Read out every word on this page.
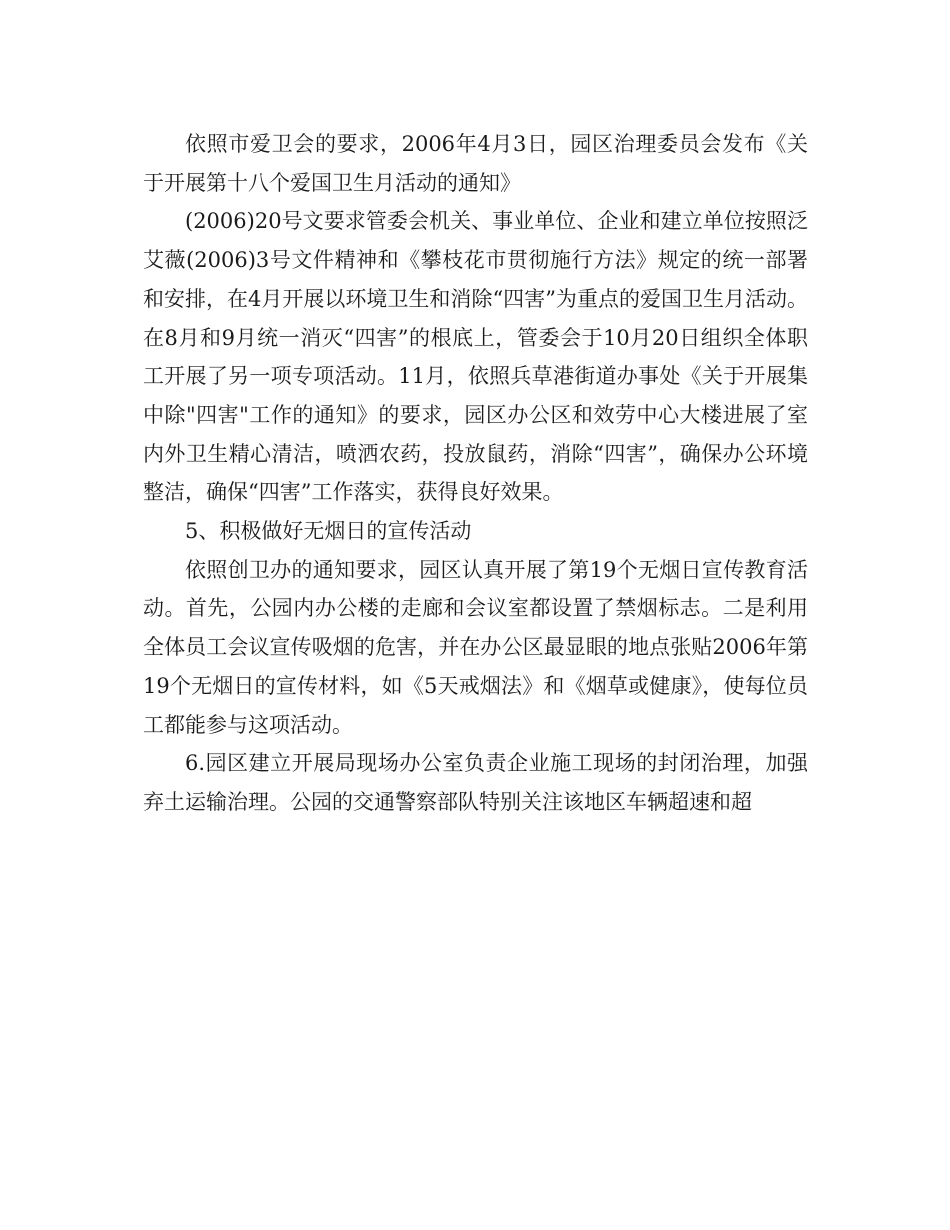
依照市爱卫会的要求，2006年4月3日，园区治理委员会发布《关于开展第十八个爱国卫生月活动的通知》

(2006)20号文要求管委会机关、事业单位、企业和建立单位按照泛艾薇(2006)3号文件精神和《攀枝花市贯彻施行方法》规定的统一部署和安排，在4月开展以环境卫生和消除“四害”为重点的爱国卫生月活动。在8月和9月统一消灭“四害”的根底上，管委会于10月20日组织全体职工开展了另一项专项活动。11月，依照兵草港街道办事处《关于开展集中除"四害"工作的通知》的要求，园区办公区和效劳中心大楼进展了室内外卫生精心清洁，喷洒农药，投放鼠药，消除“四害”，确保办公环境整洁，确保“四害”工作落实，获得良好效果。

5、积极做好无烟日的宣传活动

依照创卫办的通知要求，园区认真开展了第19个无烟日宣传教育活动。首先，公园内办公楼的走廊和会议室都设置了禁烟标志。二是利用全体员工会议宣传吸烟的危害，并在办公区最显眼的地点张贴2006年第19个无烟日的宣传材料，如《5天戒烟法》和《烟草或健康》，使每位员工都能参与这项活动。

6.园区建立开展局现场办公室负责企业施工现场的封闭治理，加强弃土运输治理。公园的交通警察部队特别关注该地区车辆超速和超
